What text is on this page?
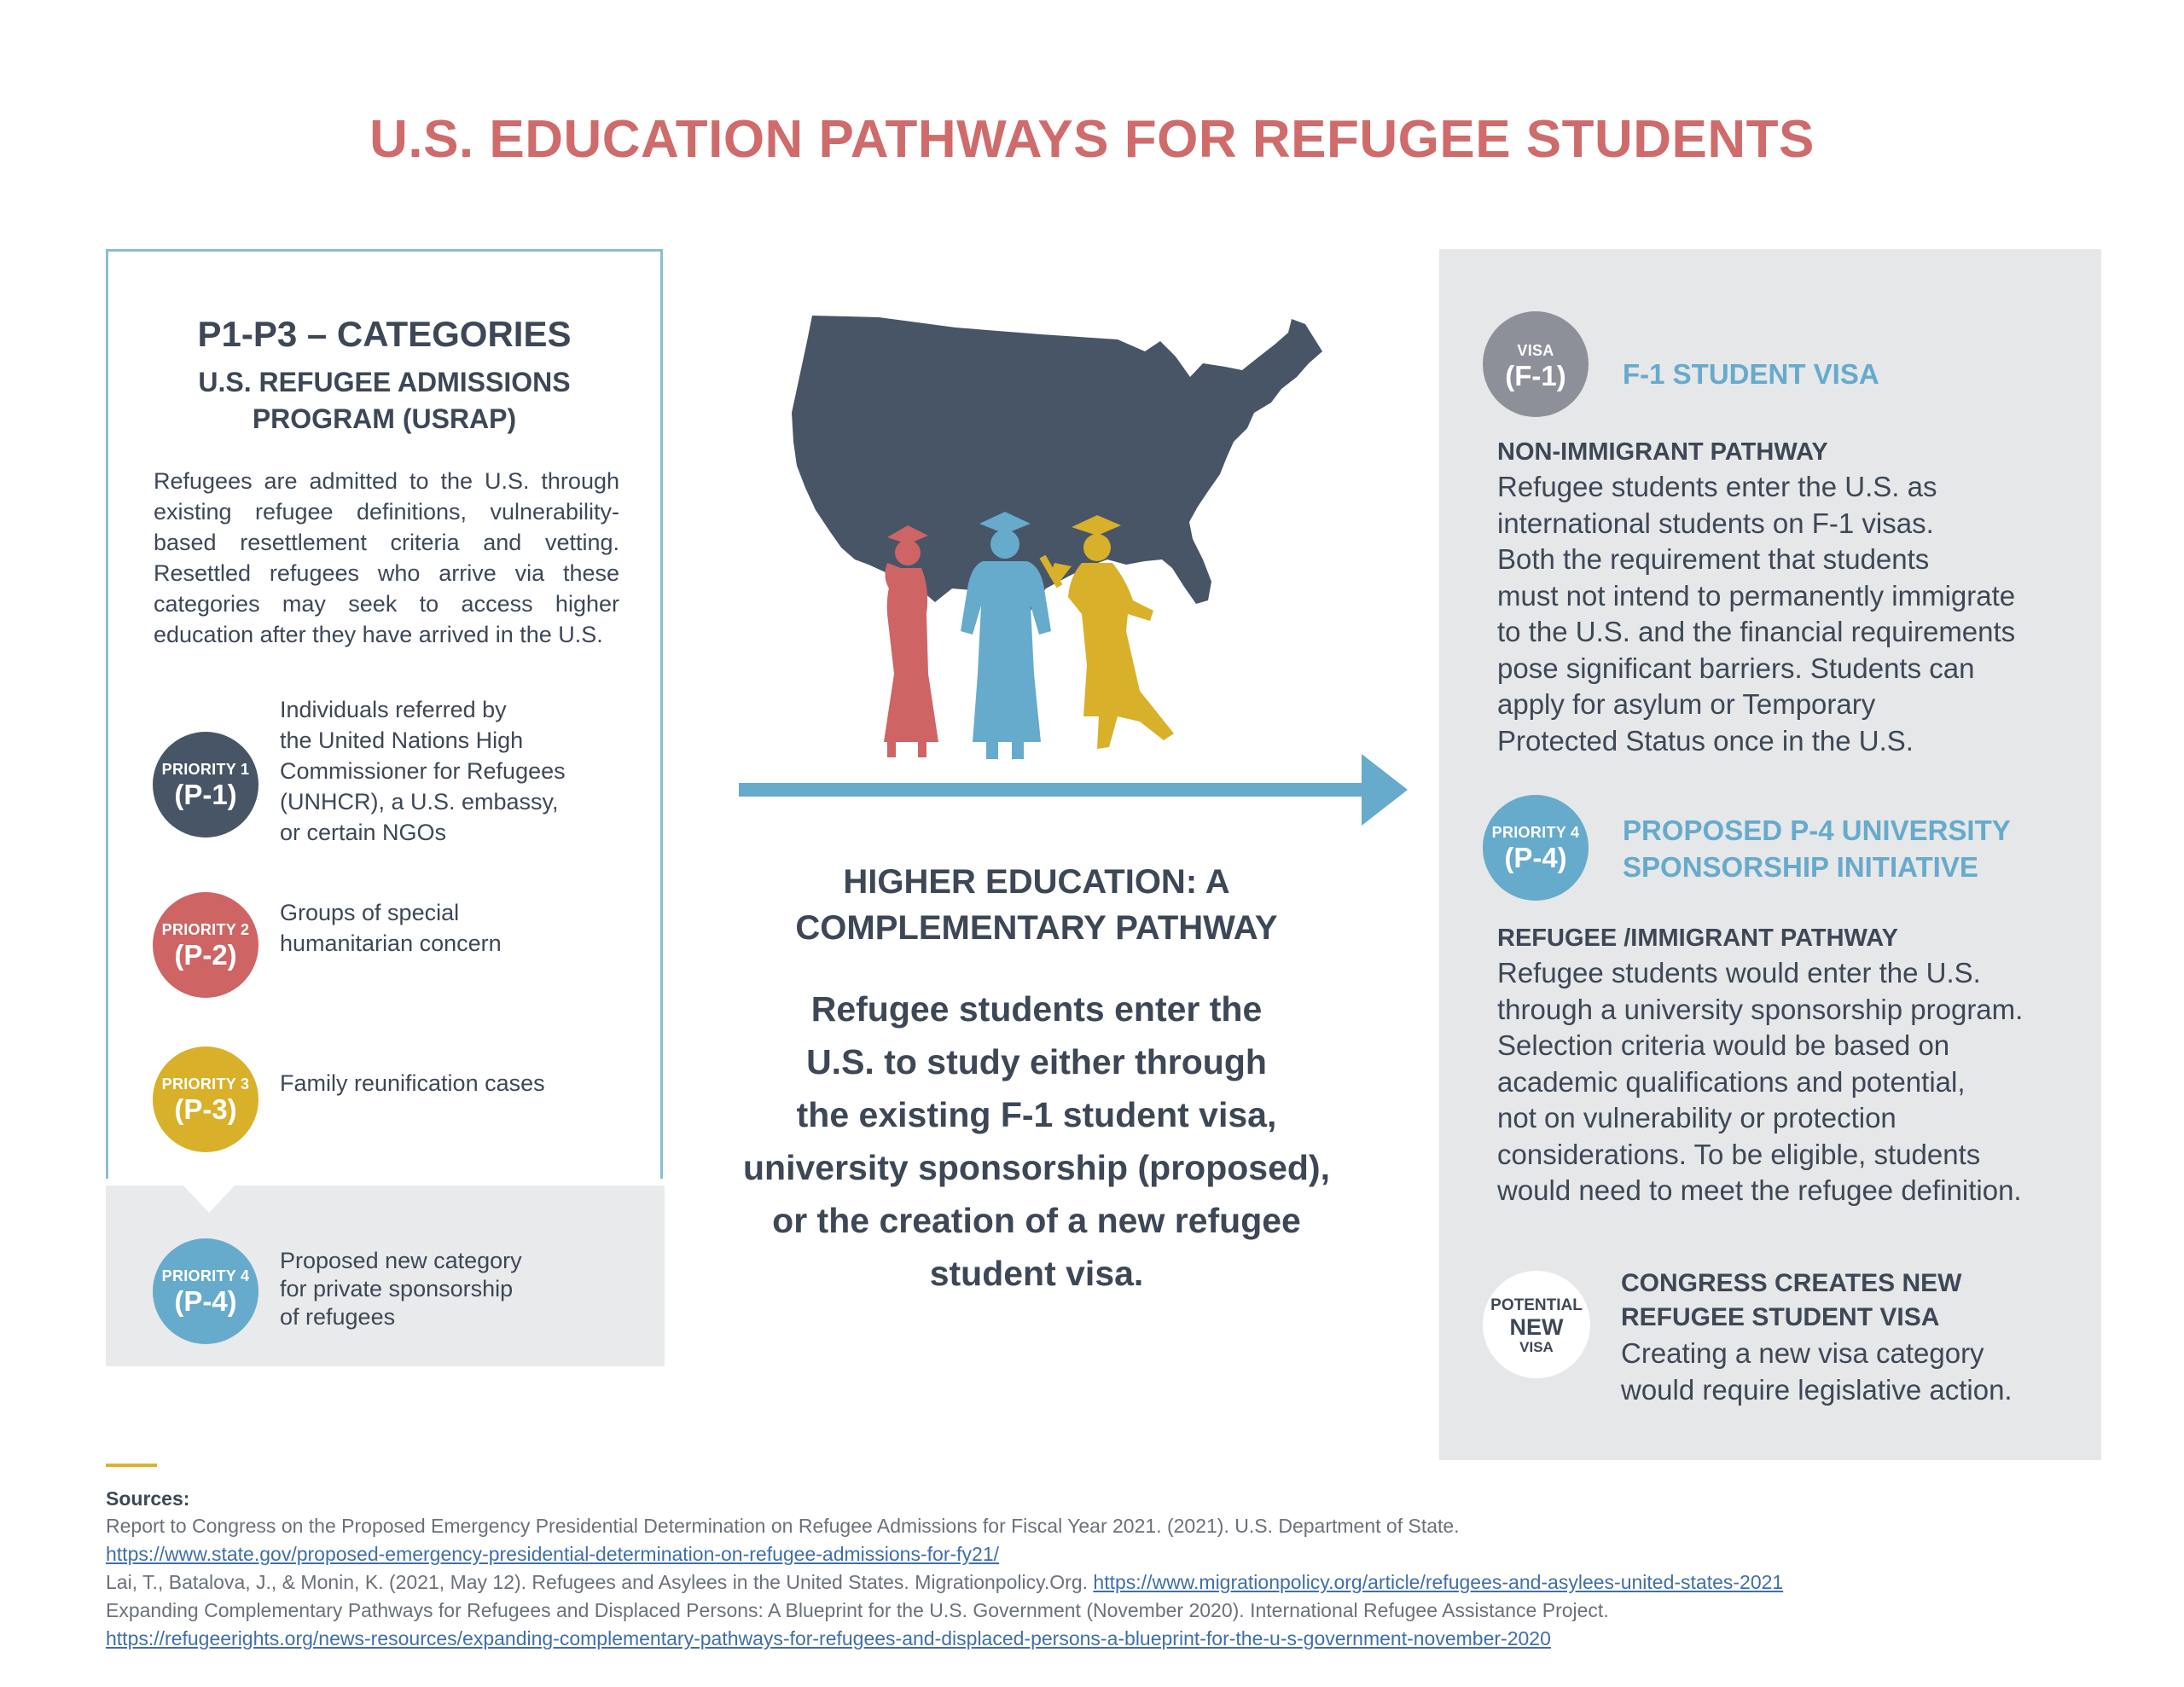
U.S. EDUCATION PATHWAYS FOR REFUGEE STUDENTS
P1-P3 – CATEGORIES
U.S. REFUGEE ADMISSIONS
PROGRAM (USRAP)
Refugees are admitted to the U.S. through existing refugee definitions, vulnerability-based resettlement criteria and vetting. Resettled refugees who arrive via these categories may seek to access higher education after they have arrived in the U.S.
PRIORITY 1
(P-1)
Individuals referred by
the United Nations High
Commissioner for Refugees
(UNHCR), a U.S. embassy,
or certain NGOs
PRIORITY 2
(P-2)
Groups of special
humanitarian concern
PRIORITY 3
(P-3)
Family reunification cases
PRIORITY 4
(P-4)
Proposed new category
for private sponsorship
of refugees
HIGHER EDUCATION: A
COMPLEMENTARY PATHWAY
Refugee students enter the
U.S. to study either through
the existing F-1 student visa,
university sponsorship (proposed),
or the creation of a new refugee
student visa.
VISA
(F-1)	F-1 STUDENT VISA
NON-IMMIGRANT PATHWAY
Refugee students enter the U.S. as
international students on F-1 visas.
Both the requirement that students
must not intend to permanently immigrate
to the U.S. and the financial requirements
pose significant barriers. Students can
apply for asylum or Temporary
Protected Status once in the U.S.
PRIORITY 4
(P-4)
PROPOSED P-4 UNIVERSITY
SPONSORSHIP INITIATIVE
REFUGEE /IMMIGRANT PATHWAY
Refugee students would enter the U.S.
through a university sponsorship program.
Selection criteria would be based on
academic qualifications and potential,
not on vulnerability or protection
considerations. To be eligible, students
would need to meet the refugee definition.
POTENTIAL
NEW
VISA
CONGRESS CREATES NEW
REFUGEE STUDENT VISA
Creating a new visa category
would require legislative action.
Sources:
Report to Congress on the Proposed Emergency Presidential Determination on Refugee Admissions for Fiscal Year 2021. (2021). U.S. Department of State.
https://www.state.gov/proposed-emergency-presidential-determination-on-refugee-admissions-for-fy21/
Lai, T., Batalova, J., & Monin, K. (2021, May 12). Refugees and Asylees in the United States. Migrationpolicy.Org. https://www.migrationpolicy.org/article/refugees-and-asylees-united-states-2021
Expanding Complementary Pathways for Refugees and Displaced Persons: A Blueprint for the U.S. Government (November 2020). International Refugee Assistance Project.
https://refugeerights.org/news-resources/expanding-complementary-pathways-for-refugees-and-displaced-persons-a-blueprint-for-the-u-s-government-november-2020
